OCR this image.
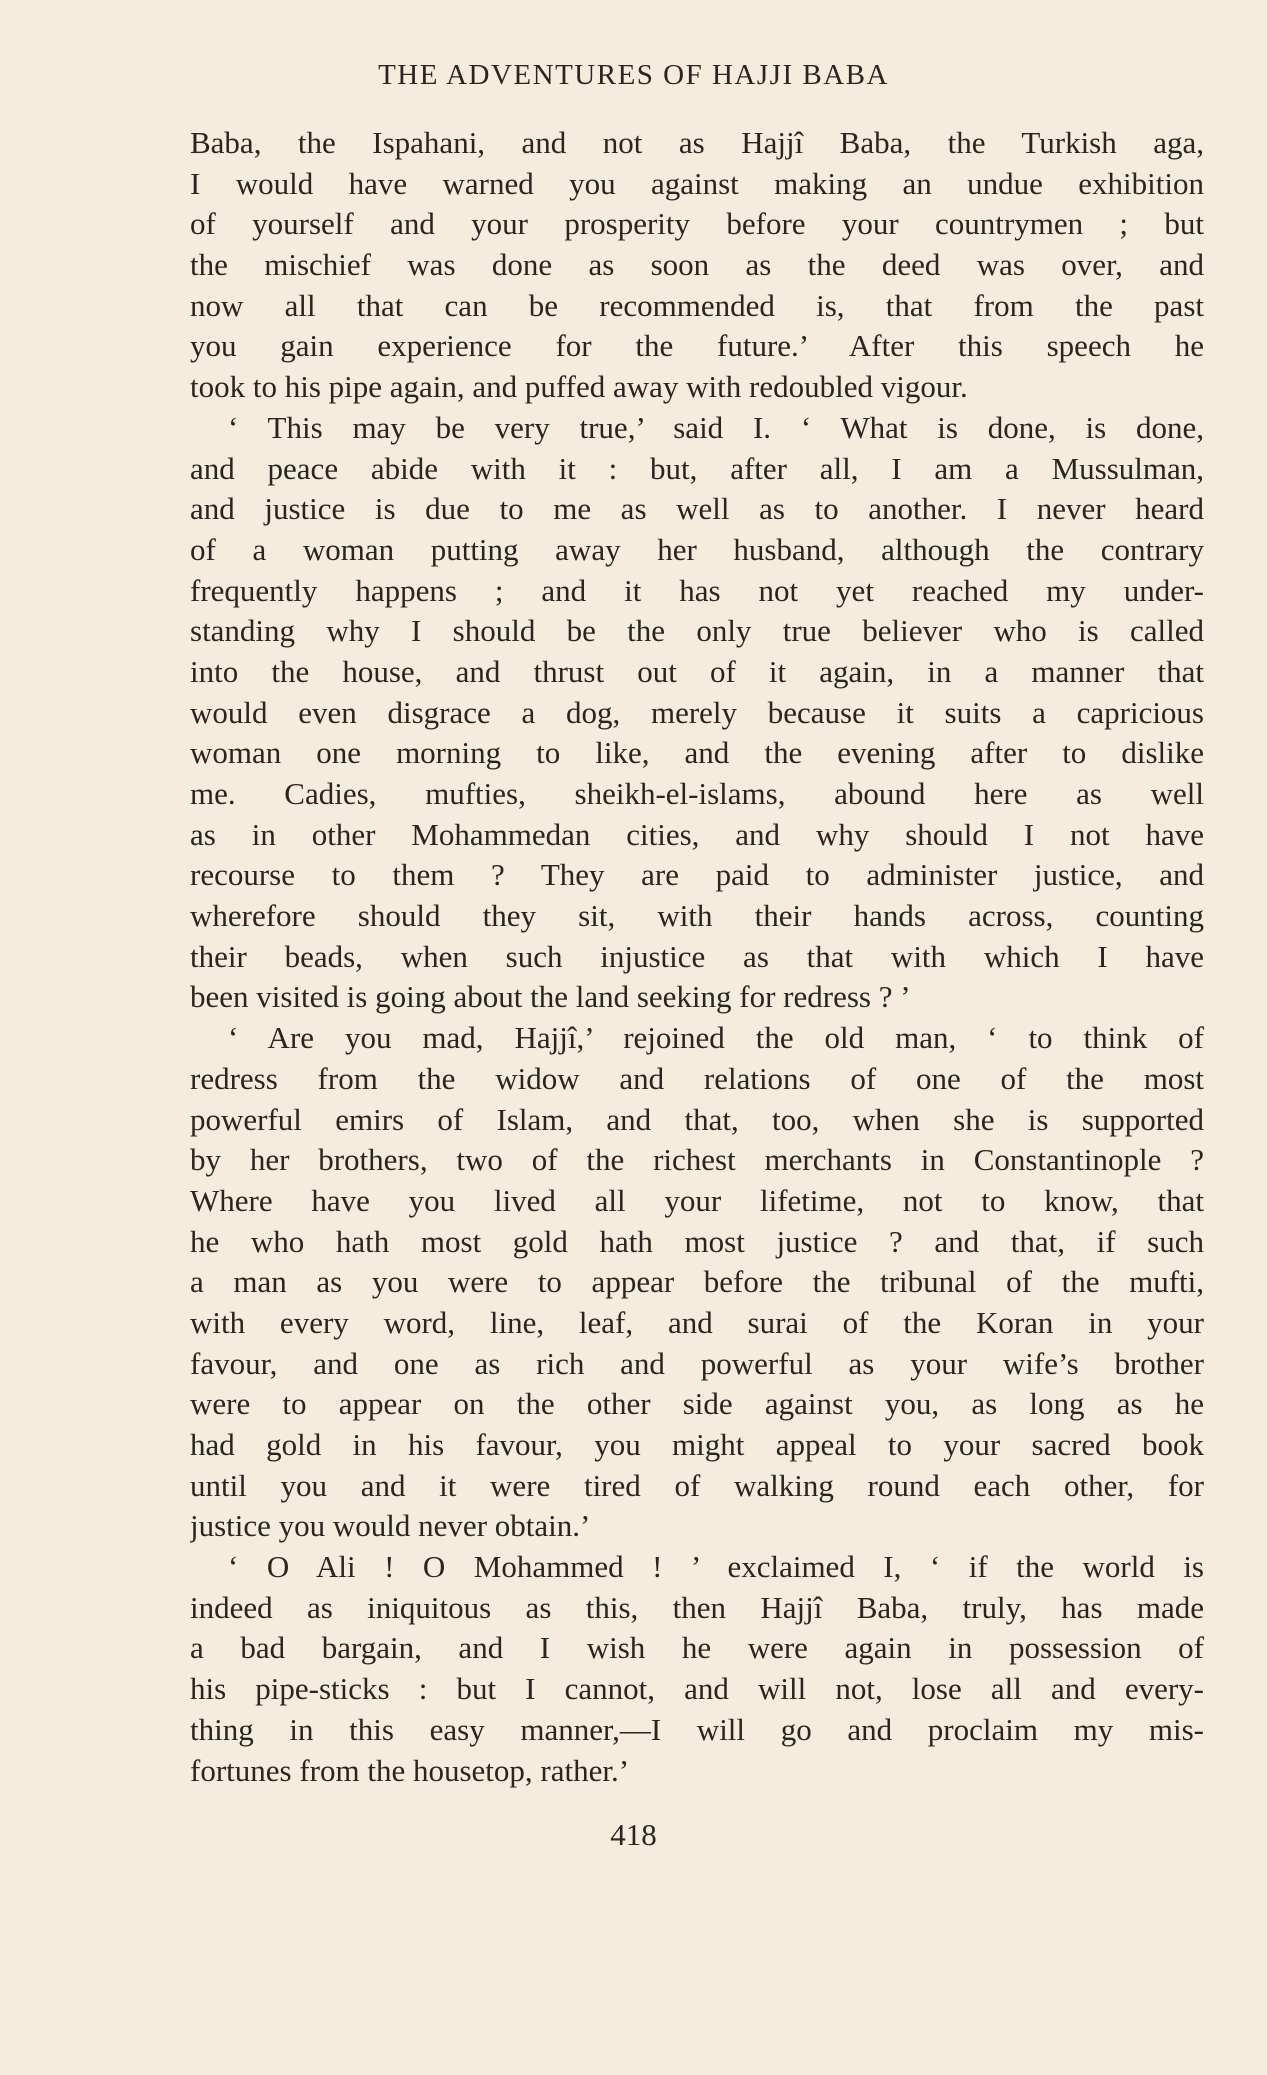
THE ADVENTURES OF HAJJI BABA
Baba, the Ispahani, and not as Hajjî Baba, the Turkish aga,
I would have warned you against making an undue exhibition
of yourself and your prosperity before your countrymen ; but
the mischief was done as soon as the deed was over, and
now all that can be recommended is, that from the past
you gain experience for the future.’ After this speech he
took to his pipe again, and puffed away with redoubled vigour.
‘ This may be very true,’ said I. ‘ What is done, is done,
and peace abide with it : but, after all, I am a Mussulman,
and justice is due to me as well as to another. I never heard
of a woman putting away her husband, although the contrary
frequently happens ; and it has not yet reached my under-
standing why I should be the only true believer who is called
into the house, and thrust out of it again, in a manner that
would even disgrace a dog, merely because it suits a capricious
woman one morning to like, and the evening after to dislike
me. Cadies, mufties, sheikh-el-islams, abound here as well
as in other Mohammedan cities, and why should I not have
recourse to them ? They are paid to administer justice, and
wherefore should they sit, with their hands across, counting
their beads, when such injustice as that with which I have
been visited is going about the land seeking for redress ? ’
‘ Are you mad, Hajjî,’ rejoined the old man, ‘ to think of
redress from the widow and relations of one of the most
powerful emirs of Islam, and that, too, when she is supported
by her brothers, two of the richest merchants in Constantinople ?
Where have you lived all your lifetime, not to know, that
he who hath most gold hath most justice ? and that, if such
a man as you were to appear before the tribunal of the mufti,
with every word, line, leaf, and surai of the Koran in your
favour, and one as rich and powerful as your wife’s brother
were to appear on the other side against you, as long as he
had gold in his favour, you might appeal to your sacred book
until you and it were tired of walking round each other, for
justice you would never obtain.’
‘ O Ali ! O Mohammed ! ’ exclaimed I, ‘ if the world is
indeed as iniquitous as this, then Hajjî Baba, truly, has made
a bad bargain, and I wish he were again in possession of
his pipe-sticks : but I cannot, and will not, lose all and every-
thing in this easy manner,—I will go and proclaim my mis-
fortunes from the housetop, rather.’
418
